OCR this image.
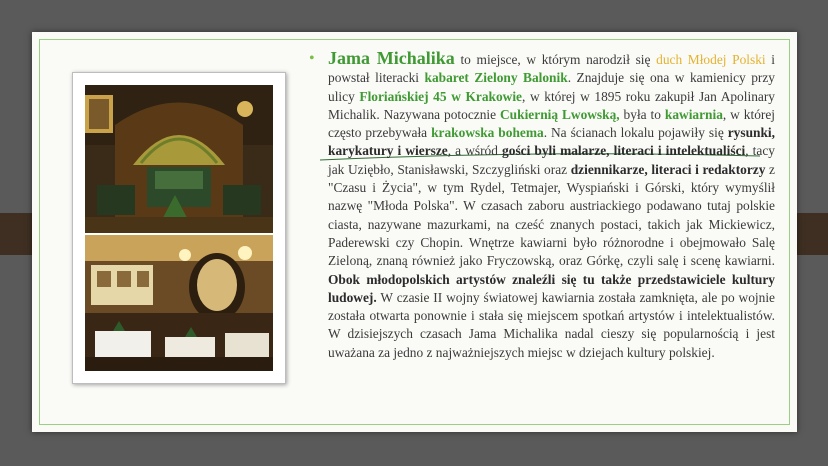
• Jama Michalika to miejsce, w którym narodził się duch Młodej Polski i powstał literacki kabaret Zielony Balonik. Znajduje się ona w kamienicy przy ulicy Floriańskiej 45 w Krakowie, w której w 1895 roku zakupił Jan Apolinary Michalik. Nazywana potocznie Cukiernią Lwowską, była to kawiarnia, w której często przebywała krakowska bohema. Na ścianach lokalu pojawiły się rysunki, karykatury i wiersze, a wśród gości byli malarze, literaci i intelektualiści, tacy jak Uziębło, Stanisławski, Szczygliński oraz dziennikarze, literaci i redaktorzy z "Czasu i Życia", w tym Rydel, Tetmajer, Wyspiański i Górski, który wymyślił nazwę "Młoda Polska". W czasach zaboru austriackiego podawano tutaj polskie ciasta, nazywane mazurkami, na cześć znanych postaci, takich jak Mickiewicz, Paderewski czy Chopin. Wnętrze kawiarni było różnorodne i obejmowało Salę Zieloną, znaną również jako Fryczowską, oraz Górkę, czyli salę i scenę kawiarni. Obok młodopolskich artystów znaleźli się tu także przedstawiciele kultury ludowej. W czasie II wojny światowej kawiarnia została zamknięta, ale po wojnie została otwarta ponownie i stała się miejscem spotkań artystów i intelektualistów. W dzisiejszych czasach Jama Michalika nadal cieszy się popularnością i jest uważana za jedno z najważniejszych miejsc w dziejach kultury polskiej.
